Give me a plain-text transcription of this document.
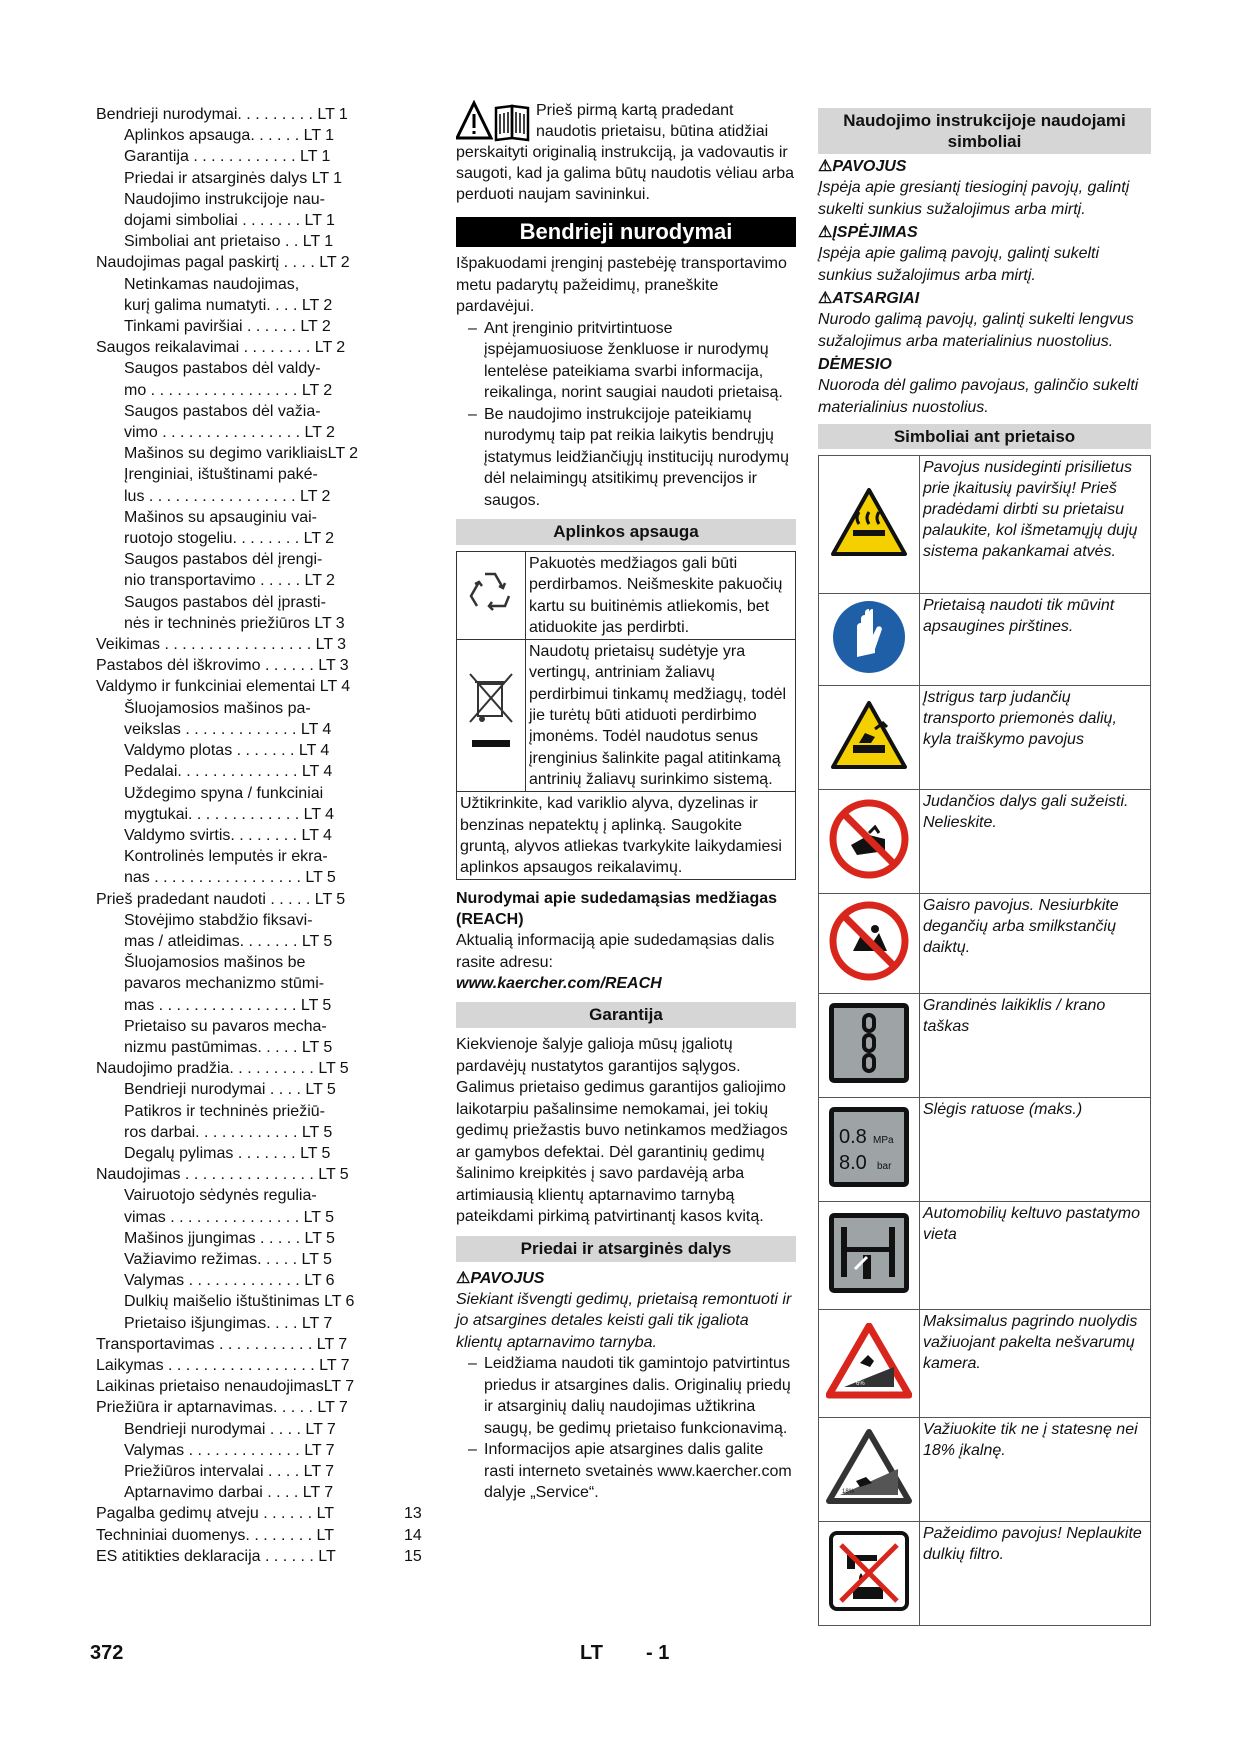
Bendrieji nurodymai. . . . . . . . . LT 1
Aplinkos apsauga. . . . . . LT 1
Garantija . . . . . . . . . . . . LT 1
Priedai ir atsarginės dalys LT 1
Naudojimo instrukcijoje nau-
dojami simboliai . . . . . . . LT 1
Simboliai ant prietaiso . . LT 1
Naudojimas pagal paskirtį . . . . LT 2
Netinkamas naudojimas,
kurį galima numatyti. . . . LT 2
Tinkami paviršiai . . . . . . LT 2
Saugos reikalavimai . . . . . . . . LT 2
Saugos pastabos dėl valdy-
mo . . . . . . . . . . . . . . . . . LT 2
Saugos pastabos dėl važia-
vimo . . . . . . . . . . . . . . . . LT 2
Mašinos su degimo varikliaisLT 2
Įrenginiai, ištuštinami paké-
lus . . . . . . . . . . . . . . . . . LT 2
Mašinos su apsauginiu vai-
ruotojo stogeliu. . . . . . . . LT 2
Saugos pastabos dėl įrengi-
nio transportavimo . . . . . LT 2
Saugos pastabos dėl įprasti-
nės ir techninės priežiūros LT 3
Veikimas . . . . . . . . . . . . . . . . . LT 3
Pastabos dėl iškrovimo . . . . . . LT 3
Valdymo ir funkciniai elementai LT 4
Šluojamosios mašinos pa-
veikslas . . . . . . . . . . . . . LT 4
Valdymo plotas . . . . . . . LT 4
Pedalai. . . . . . . . . . . . . . LT 4
Uždegimo spyna / funkciniai
mygtukai. . . . . . . . . . . . . LT 4
Valdymo svirtis. . . . . . . . LT 4
Kontrolinės lemputės ir ekra-
nas . . . . . . . . . . . . . . . . . LT 5
Prieš pradedant naudoti . . . . . LT 5
Stovėjimo stabdžio fiksavi-
mas / atleidimas. . . . . . . LT 5
Šluojamosios mašinos be
pavaros mechanizmo stūmi-
mas . . . . . . . . . . . . . . . . LT 5
Prietaiso su pavaros mecha-
nizmu pastūmimas. . . . . LT 5
Naudojimo pradžia. . . . . . . . . . LT 5
Bendrieji nurodymai . . . . LT 5
Patikros ir techninės priežiū-
ros darbai. . . . . . . . . . . . LT 5
Degalų pylimas . . . . . . . LT 5
Naudojimas . . . . . . . . . . . . . . . LT 5
Vairuotojo sėdynės regulia-
vimas . . . . . . . . . . . . . . . LT 5
Mašinos įjungimas . . . . . LT 5
Važiavimo režimas. . . . . LT 5
Valymas . . . . . . . . . . . . . LT 6
Dulkių maišelio ištuštinimas LT 6
Prietaiso išjungimas. . . . LT 7
Transportavimas . . . . . . . . . . . LT 7
Laikymas . . . . . . . . . . . . . . . . . LT 7
Laikinas prietaiso nenaudojimasLT 7
Priežiūra ir aptarnavimas. . . . . LT 7
Bendrieji nurodymai . . . . LT 7
Valymas . . . . . . . . . . . . . LT 7
Priežiūros intervalai . . . . LT 7
Aptarnavimo darbai . . . . LT 7
Pagalba gedimų atveju . . . . . . LT	13
Techniniai duomenys. . . . . . . . LT	14
ES atitikties deklaracija . . . . . . LT	15
Prieš pirmą kartą pradedant naudotis prietaisu, būtina atidžiai perskaityti originalią instrukciją, ja vadovautis ir saugoti, kad ja galima būtų naudotis vėliau arba perduoti naujam savininkui.
Bendrieji nurodymai

Išpakuodami įrenginį pastebėję transportavimo metu padarytų pažeidimų, praneškite pardavėjui.

– Ant įrenginio pritvirtintuose įspėjamuosiuose ženkluose ir nurodymų lentelėse pateikiama svarbi informacija, reikalinga, norint saugiai naudoti prietaisą.
– Be naudojimo instrukcijoje pateikiamų nurodymų taip pat reikia laikytis bendrųjų įstatymus leidžiančiųjų institucijų nurodymų dėl nelaimingų atsitikimų prevencijos ir saugos.
Aplinkos apsauga
	Pakuotės medžiagos gali būti perdirbamos. Neišmeskite pakuočių kartu su buitinėmis atliekomis, bet atiduokite jas perdirbti.
	Naudotų prietaisų sudėtyje yra vertingų, antriniam žaliavų perdirbimui tinkamų medžiagų, todėl jie turėtų būti atiduoti perdirbimo įmonėms. Todėl naudotus senus įrenginius šalinkite pagal atitinkamą antrinių žaliavų surinkimo sistemą.
Užtikrinkite, kad variklio alyva, dyzelinas ir benzinas nepatektų į aplinką. Saugokite gruntą, alyvos atliekas tvarkykite laikydamiesi aplinkos apsaugos reikalavimų.	
Nurodymai apie sudedamąsias medžiagas (REACH)

Aktualią informaciją apie sudedamąsias dalis rasite adresu:

www.kaercher.com/REACH
Garantija

Kiekvienoje šalyje galioja mūsų įgaliotų pardavėjų nustatytos garantijos sąlygos. Galimus prietaiso gedimus garantijos galiojimo laikotarpiu pašalinsime nemokamai, jei tokių gedimų priežastis buvo netinkamos medžiagos ar gamybos defektai. Dėl garantinių gedimų šalinimo kreipkitės į savo pardavėją arba artimiausią klientų aptarnavimo tarnybą pateikdami pirkimą patvirtinantį kasos kvitą.

Priedai ir atsarginės dalys
⚠PAVOJUS
Siekiant išvengti gedimų, prietaisą remontuoti ir jo atsargines detales keisti gali tik įgaliota klientų aptarnavimo tarnyba.
– Leidžiama naudoti tik gamintojo patvirtintus priedus ir atsargines dalis. Originalių priedų ir atsarginių dalių naudojimas užtikrina saugų, be gedimų prietaiso funkcionavimą.
– Informacijos apie atsargines dalis galite rasti interneto svetainės www.kaercher.com dalyje „Service“.
Naudojimo instrukcijoje naudojami simboliai
⚠PAVOJUS
Įspėja apie gresiantį tiesioginį pavojų, galintį sukelti sunkius sužalojimus arba mirtį.
⚠ĮSPĖJIMAS
Įspėja apie galimą pavojų, galintį sukelti sunkius sužalojimus arba mirtį.
⚠ATSARGIAI
Nurodo galimą pavojų, galintį sukelti lengvus sužalojimus arba materialinius nuostolius.
DĖMESIO
Nuoroda dėl galimo pavojaus, galinčio sukelti materialinius nuostolius.
Simboliai ant prietaiso
	Pavojus nusideginti prisilietus prie įkaitusių paviršių! Prieš pradėdami dirbti su prietaisu palaukite, kol išmetamųjų dujų sistema pakankamai atvės.
	Prietaisą naudoti tik mūvint apsaugines pirštines.
	Įstrigus tarp judančių transporto priemonės dalių, kyla traiškymo pavojus
	Judančios dalys gali sužeisti. Nelieskite.
	Gaisro pavojus. Nesiurbkite degančių arba smilkstančių daiktų.
	Grandinės laikiklis / krano taškas

0.8 MPa
8.0 bar	Slėgis ratuose (maks.)
	Automobilių keltuvo pastatymo vieta

6%	Maksimalus pagrindo nuolydis važiuojant pakelta nešvarumų kamera.

18%	Važiuokite tik ne į statesnę nei 18% įkalnę.
	Pažeidimo pavojus! Neplaukite dulkių filtro.
372	LT - 1
